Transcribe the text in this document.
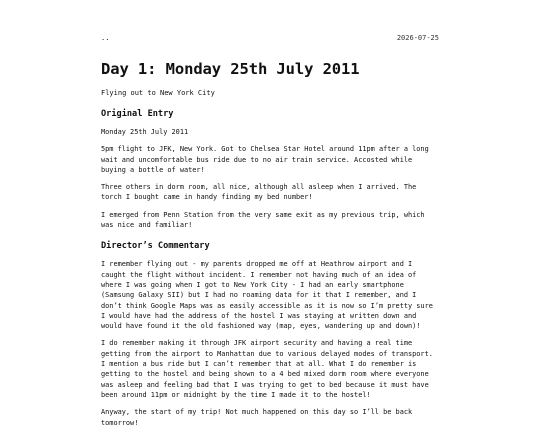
..	2026-07-25
Day 1: Monday 25th July 2011

Flying out to New York City

Original Entry

Monday 25th July 2011

5pm flight to JFK, New York. Got to Chelsea Star Hotel around 11pm after a long wait and uncomfortable bus ride due to no air train service. Accosted while buying a bottle of water!

Three others in dorm room, all nice, although all asleep when I arrived. The torch I bought came in handy finding my bed number!

I emerged from Penn Station from the very same exit as my previous trip, which was nice and familiar!

Director’s Commentary

I remember flying out - my parents dropped me off at Heathrow airport and I caught the flight without incident. I remember not having much of an idea of where I was going when I got to New York City - I had an early smartphone (Samsung Galaxy SII) but I had no roaming data for it that I remember, and I don’t think Google Maps was as easily accessible as it is now so I’m pretty sure I would have had the address of the hostel I was staying at written down and would have found it the old fashioned way (map, eyes, wandering up and down)!

I do remember making it through JFK airport security and having a real time getting from the airport to Manhattan due to various delayed modes of transport. I mention a bus ride but I can’t remember that at all. What I do remember is getting to the hostel and being shown to a 4 bed mixed dorm room where everyone was asleep and feeling bad that I was trying to get to bed because it must have been around 11pm or midnight by the time I made it to the hostel!

Anyway, the start of my trip! Not much happened on this day so I’ll be back tomorrow!
